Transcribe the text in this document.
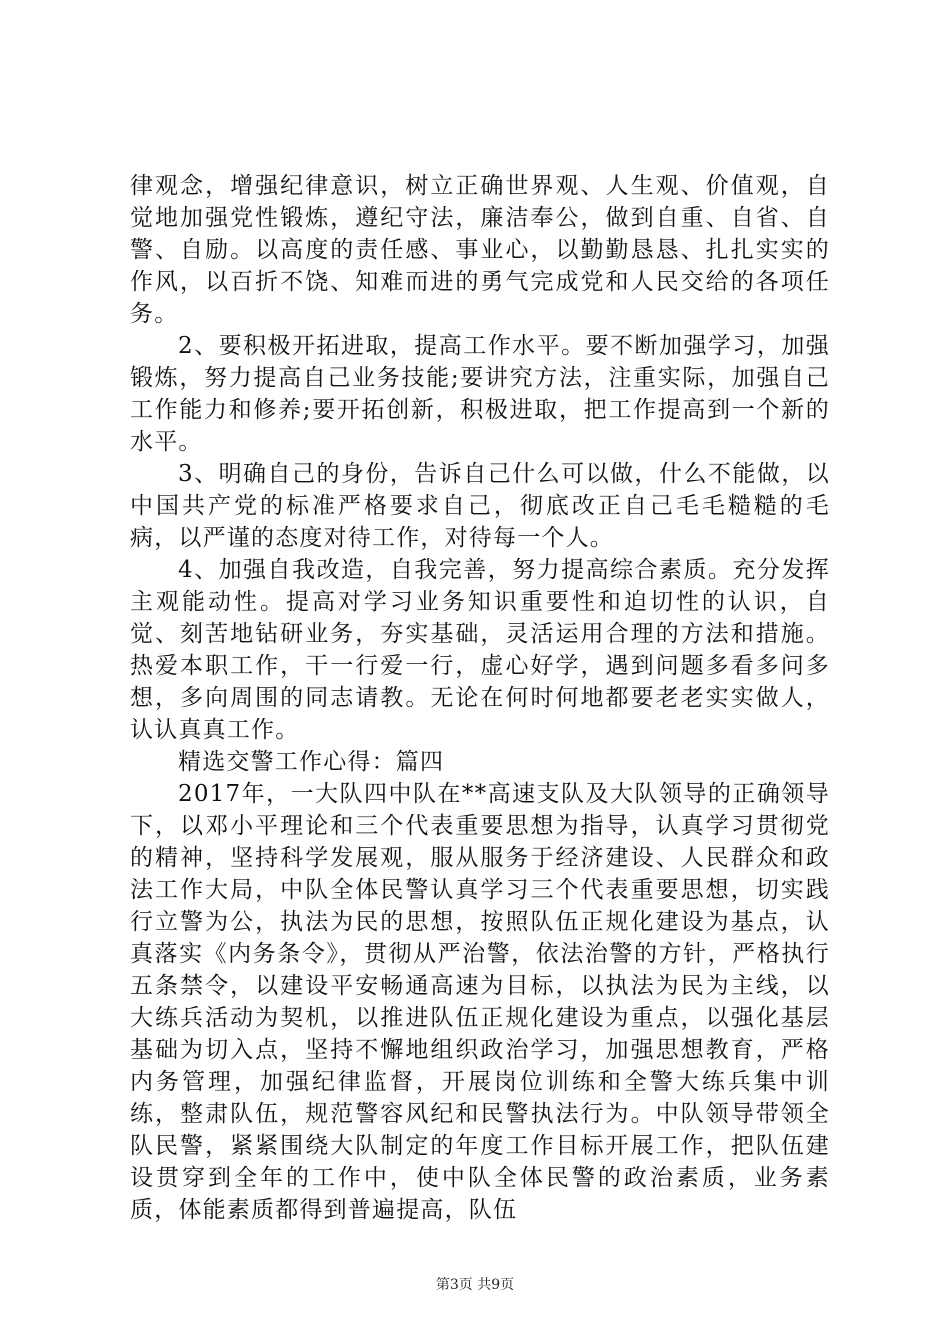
律观念，增强纪律意识，树立正确世界观、人生观、价值观，自觉地加强党性锻炼，遵纪守法，廉洁奉公，做到自重、自省、自警、自励。以高度的责任感、事业心，以勤勤恳恳、扎扎实实的作风，以百折不饶、知难而进的勇气完成党和人民交给的各项任务。

2、要积极开拓进取，提高工作水平。要不断加强学习，加强锻炼，努力提高自己业务技能;要讲究方法，注重实际，加强自己工作能力和修养;要开拓创新，积极进取，把工作提高到一个新的水平。

3、明确自己的身份，告诉自己什么可以做，什么不能做，以中国共产党的标准严格要求自己，彻底改正自己毛毛糙糙的毛病，以严谨的态度对待工作，对待每一个人。

4、加强自我改造，自我完善，努力提高综合素质。充分发挥主观能动性。提高对学习业务知识重要性和迫切性的认识，自觉、刻苦地钻研业务，夯实基础，灵活运用合理的方法和措施。热爱本职工作，干一行爱一行，虚心好学，遇到问题多看多问多想，多向周围的同志请教。无论在何时何地都要老老实实做人，认认真真工作。

精选交警工作心得：篇四

2017年，一大队四中队在**高速支队及大队领导的正确领导下，以邓小平理论和三个代表重要思想为指导，认真学习贯彻党的精神，坚持科学发展观，服从服务于经济建设、人民群众和政法工作大局，中队全体民警认真学习三个代表重要思想，切实践行立警为公，执法为民的思想，按照队伍正规化建设为基点，认真落实《内务条令》，贯彻从严治警，依法治警的方针，严格执行五条禁令，以建设平安畅通高速为目标，以执法为民为主线，以大练兵活动为契机，以推进队伍正规化建设为重点，以强化基层基础为切入点，坚持不懈地组织政治学习，加强思想教育，严格内务管理，加强纪律监督，开展岗位训练和全警大练兵集中训练，整肃队伍，规范警容风纪和民警执法行为。中队领导带领全队民警，紧紧围绕大队制定的年度工作目标开展工作，把队伍建设贯穿到全年的工作中，使中队全体民警的政治素质，业务素质，体能素质都得到普遍提高，队伍

第3页 共9页
